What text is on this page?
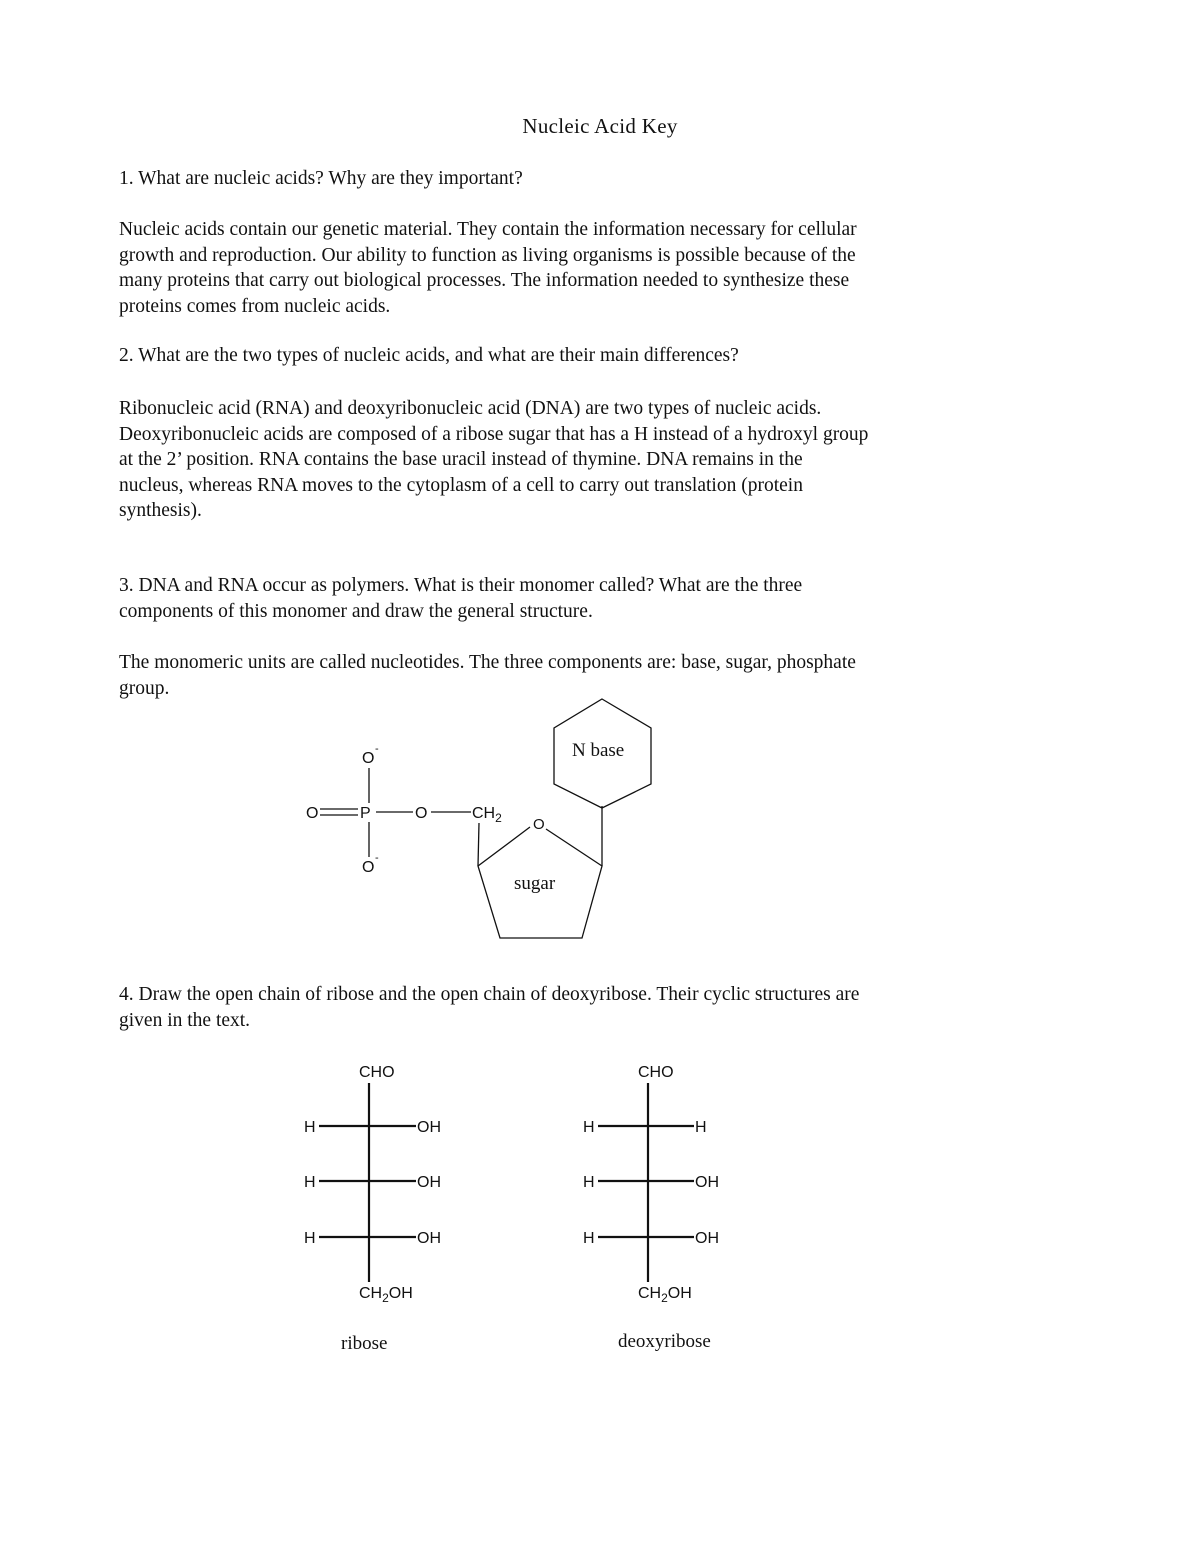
Nucleic Acid Key
1. What are nucleic acids? Why are they important?
Nucleic acids contain our genetic material. They contain the information necessary for cellular
growth and reproduction. Our ability to function as living organisms is possible because of the
many proteins that carry out biological processes. The information needed to synthesize these
proteins comes from nucleic acids.
2. What are the two types of nucleic acids, and what are their main differences?
Ribonucleic acid (RNA) and deoxyribonucleic acid (DNA) are two types of nucleic acids.
Deoxyribonucleic acids are composed of a ribose sugar that has a H instead of a hydroxyl group
at the 2’ position. RNA contains the base uracil instead of thymine. DNA remains in the
nucleus, whereas RNA moves to the cytoplasm of a cell to carry out translation (protein
synthesis).
3. DNA and RNA occur as polymers. What is their monomer called? What are the three
components of this monomer and draw the general structure.
The monomeric units are called nucleotides. The three components are: base, sugar, phosphate
group.
O
-
O
-
O	P	O	$CH_2$ O
sugar
N base
4. Draw the open chain of ribose and the open chain of deoxyribose. Their cyclic structures are
given in the text.
CHO
H	OH
H	OH
H	OH
$CH_2OH$
ribose
CHO
H	H
H	OH
H	OH
$CH_2OH$
deoxyribose
